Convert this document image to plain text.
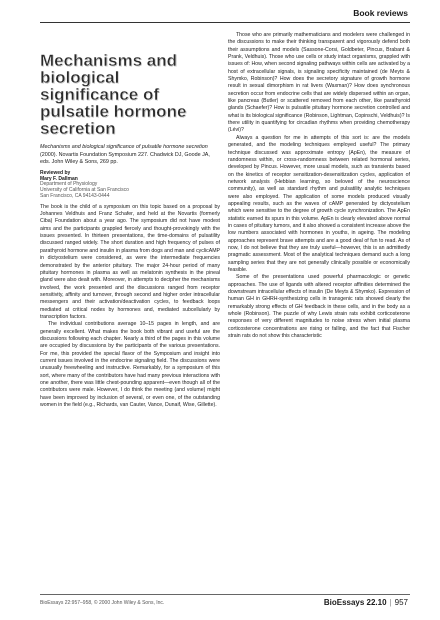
Book reviews
Mechanisms and biological significance of pulsatile hormone secretion
Mechanisms and biological significance of pulsatile hormone secretion (2000). Novartis Foundation Symposium 227. Chadwick DJ, Goode JA, eds. John Wiley & Sons, 269 pp.
Reviewed by
Mary F. Dallman
Department of Physiology
University of California at San Francisco
San Francisco, CA 94143-0444

The book is the child of a symposium on this topic based on a proposal by Johannes Veldhuis and Franz Schafer, and held at the Novartis (formerly Ciba) Foundation about a year ago. The symposium did not have modest aims and the participants grappled fiercely and thought-provokingly with the issues presented. In thirteen presentations, the time-domains of pulsatility discussed ranged widely. The short duration and high frequency of pulses of parathyroid hormone and insulin in plasma from dogs and man and cyclicAMP in dictyostelium were considered, as were the intermediate frequencies demonstrated by the anterior pituitary. The major 24-hour period of many pituitary hormones in plasma as well as melatonin synthesis in the pineal gland were also dealt with. Moreover, in attempts to decipher the mechanisms involved, the work presented and the discussions ranged from receptor sensitivity, affinity and turnover, through second and higher order intracellular messengers and their activation/deactivation cycles, to feedback loops mediated at critical nodes by hormones and, mediated subcellularly by transcription factors.

The individual contributions average 10–15 pages in length, and are generally excellent. What makes the book both vibrant and useful are the discussions following each chapter. Nearly a third of the pages in this volume are occupied by discussions by the participants of the various presentations. For me, this provided the special flavor of the Symposium and insight into current issues involved in the endocrine signaling field. The discussions were unusually freewheeling and instructive. Remarkably, for a symposium of this sort, where many of the contributors have had many previous interactions with one another, there was little chest-pounding apparent—even though all of the contributors were male. However, I do think the meeting (and volume) might have been improved by inclusion of several, or even one, of the outstanding women in the field (e.g., Richards, van Cauter, Vance, Dunaif, Wise, Gillette).

Those who are primarily mathematicians and modelers were challenged in the discussions to make their thinking transparent and vigorously defend both their assumptions and models (Sassone-Corsi, Goldbeter, Pincus, Brabant & Prank, Veldhuis). Those who use cells or study intact organisms, grappled with issues of: How, when second signaling pathways within cells are activated by a host of extracellular signals, is signaling specificity maintained (de Meyts & Shymko, Robinson)? How does the secretory signature of growth hormone result in sexual dimorphism in rat livers (Waxman)? How does synchronous secretion occur from endocrine cells that are widely dispersed within an organ, like pancreas (Butler) or scattered removed from each other, like parathyroid glands (Schaefer)? How is pulsatile pituitary hormone secretion controlled and what is its biological significance (Robinson, Lightman, Copinschi, Veldhuis)? Is there utility in quantifying for circadian rhythms when providing chemotherapy (Lévi)?

Always a question for me in attempts of this sort is: are the models generated, and the modeling techniques employed useful? The primary technique discussed was approximate entropy (ApEn), the measure of randomness within, or cross-randomness between related hormonal series, developed by Pincus. However, more usual models, such as transients based on the kinetics of receptor sensitization-desensitization cycles, application of network analysis (Hebbian learning, so beloved of the neuroscience community), as well as standard rhythm and pulsatility analytic techniques were also employed. The application of some models produced visually appealing results, such as the waves of cAMP generated by dictyostelium which were sensitive to the degree of growth cycle synchronization. The ApEn statistic earned its spurs in this volume. ApEn is clearly elevated above normal in cases of pituitary tumors, and it also showed a consistent increase above the low numbers associated with hormones in youths, in ageing. The modeling approaches represent brave attempts and are a good deal of fun to read. As of now, I do not believe that they are truly useful—however, this is an admittedly pragmatic assessment. Most of the analytical techniques demand such a long sampling series that they are not generally clinically possible or economically feasible.

Some of the presentations used powerful pharmacologic or genetic approaches. The use of ligands with altered receptor affinities determined the downstream intracellular effects of insulin (De Meyts & Shymko). Expression of human GH in GHRH-synthesizing cells in transgenic rats showed clearly the remarkably strong effects of GH feedback in these cells, and in the body as a whole (Robinson). The puzzle of why Lewis strain rats exhibit corticosterone responses of very different magnitudes to noise stress when initial plasma corticosterone concentrations are rising or falling, and the fact that Fischer strain rats do not show this characteristic

BioEssays 22:957–958, © 2000 John Wiley & Sons, Inc.	BioEssays 22.10 | 957
